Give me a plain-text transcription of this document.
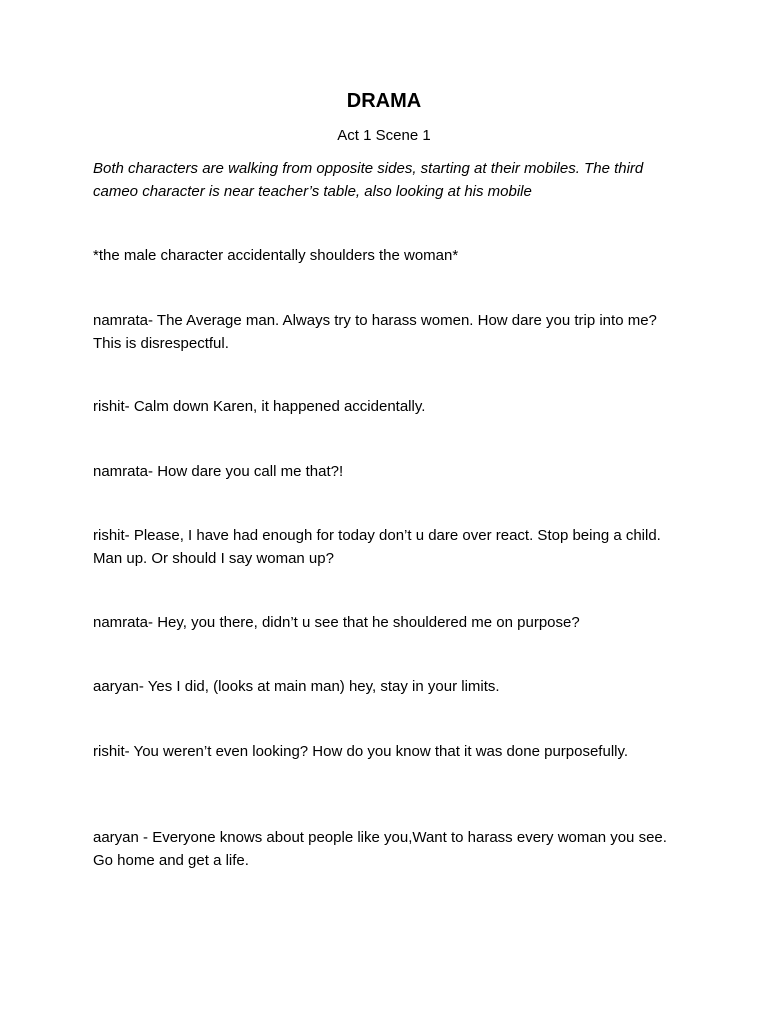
DRAMA
Act 1 Scene 1
Both characters are walking from opposite sides, starting at their mobiles. The third cameo character is near teacher’s table, also looking at his mobile
*the male character accidentally shoulders the woman*
namrata- The Average man. Always try to harass women. How dare you trip into me? This is disrespectful.
rishit- Calm down Karen, it happened accidentally.
namrata- How dare you call me that?!
rishit- Please, I have had enough for today don’t u dare over react. Stop being a child. Man up. Or should I say woman up?
namrata- Hey, you there, didn’t u see that he shouldered me on purpose?
aaryan- Yes I did, (looks at main man) hey, stay in your limits.
rishit- You weren’t even looking? How do you know that it was done purposefully.
aaryan - Everyone knows about people like you,Want to harass every woman you see. Go home and get a life.
